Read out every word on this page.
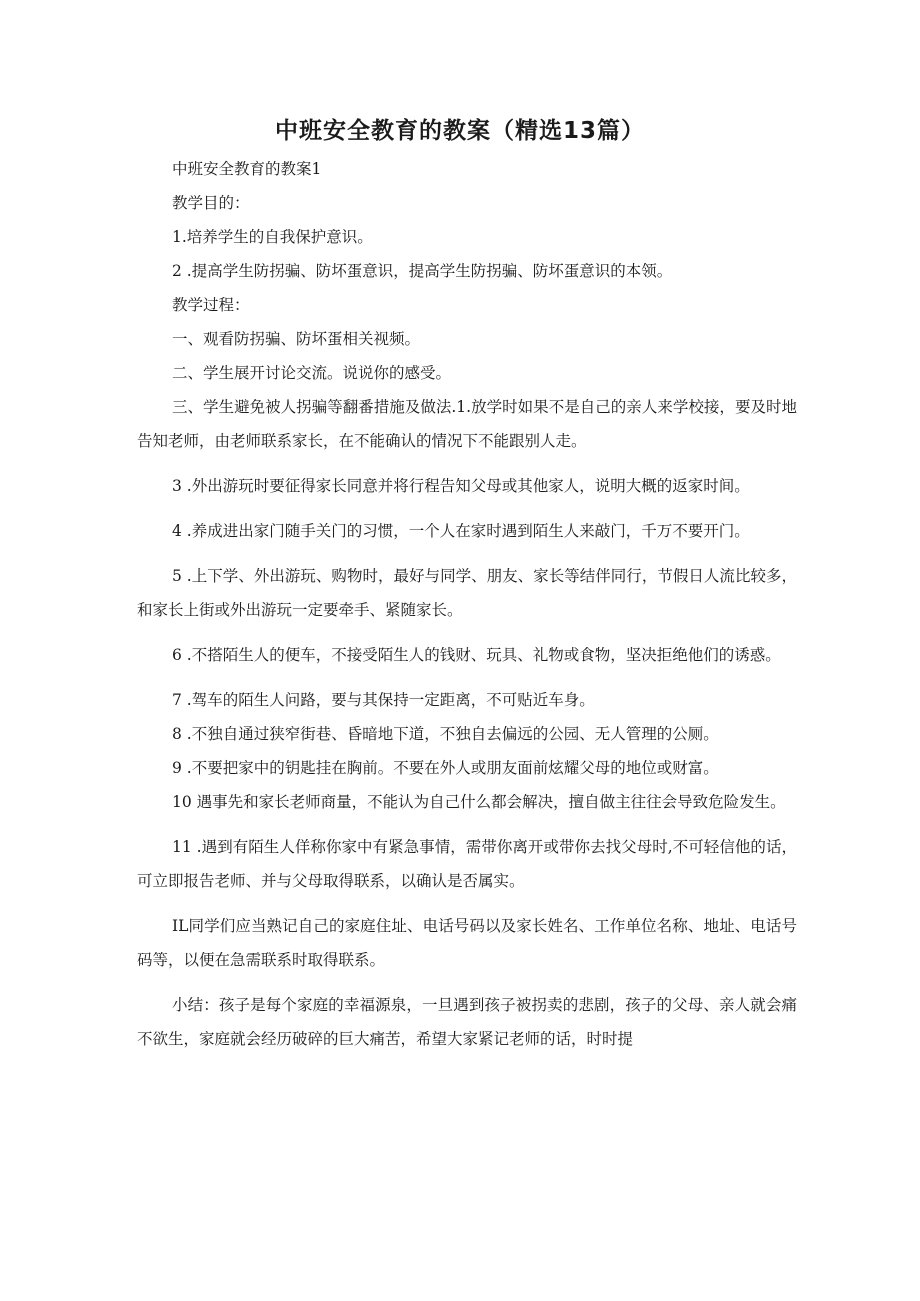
中班安全教育的教案（精选13篇）

中班安全教育的教案1

教学目的：

1.培养学生的自我保护意识。

2 .提高学生防拐骗、防坏蛋意识，提高学生防拐骗、防坏蛋意识的本领。

教学过程：

一、观看防拐骗、防坏蛋相关视频。

二、学生展开讨论交流。说说你的感受。

三、学生避免被人拐骗等翻番措施及做法.1.放学时如果不是自己的亲人来学校接，要及时地告知老师，由老师联系家长，在不能确认的情况下不能跟别人走。

3 .外出游玩时要征得家长同意并将行程告知父母或其他家人，说明大概的返家时间。

4 .养成进出家门随手关门的习惯，一个人在家时遇到陌生人来敲门，千万不要开门。

5 .上下学、外出游玩、购物时，最好与同学、朋友、家长等结伴同行，节假日人流比较多，和家长上街或外出游玩一定要牵手、紧随家长。

6 .不搭陌生人的便车，不接受陌生人的钱财、玩具、礼物或食物，坚决拒绝他们的诱惑。

7 .驾车的陌生人问路，要与其保持一定距离，不可贴近车身。

8 .不独自通过狭窄街巷、昏暗地下道，不独自去偏远的公园、无人管理的公厕。

9 .不要把家中的钥匙挂在胸前。不要在外人或朋友面前炫耀父母的地位或财富。

10 遇事先和家长老师商量，不能认为自己什么都会解决，擅自做主往往会导致危险发生。

11 .遇到有陌生人佯称你家中有紧急事情，需带你离开或带你去找父母时,不可轻信他的话，可立即报告老师、并与父母取得联系，以确认是否属实。

IL同学们应当熟记自己的家庭住址、电话号码以及家长姓名、工作单位名称、地址、电话号码等，以便在急需联系时取得联系。

小结：孩子是每个家庭的幸福源泉，一旦遇到孩子被拐卖的悲剧，孩子的父母、亲人就会痛不欲生，家庭就会经历破碎的巨大痛苦，希望大家紧记老师的话，时时提
